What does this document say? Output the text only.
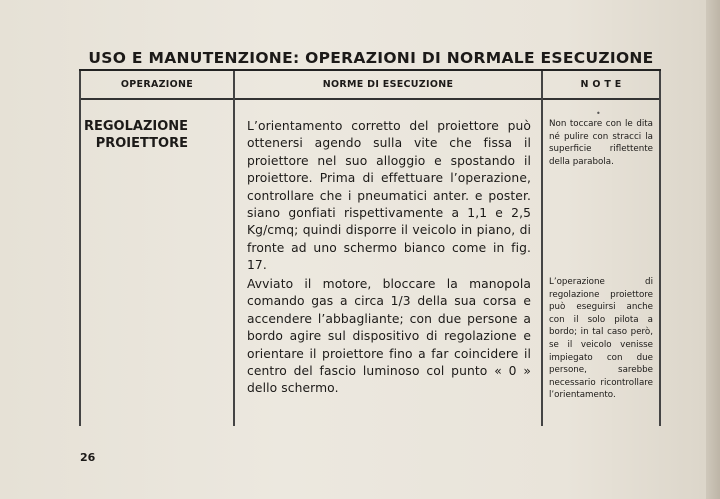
USO E MANUTENZIONE: OPERAZIONI DI NORMALE ESECUZIONE
OPERAZIONE	NORME DI ESECUZIONE	N O T E
REGOLAZIONE
PROIETTORE
L’orientamento corretto del proiettore può ottenersi agendo sulla vite che fissa il proiettore nel suo alloggio e spostando il proiettore. Prima di effettuare l’operazione, controllare che i pneumatici anter. e poster. siano gonfiati rispettivamente a 1,1 e 2,5 Kg/cmq; quindi disporre il veicolo in piano, di fronte ad uno schermo bianco come in fig. 17.
Avviato il motore, bloccare la manopola comando gas a circa 1/3 della sua corsa e accendere l’abbagliante; con due persone a bordo agire sul dispositivo di regolazione e orientare il proiettore fino a far coincidere il centro del fascio luminoso col punto « 0 » dello schermo.
•
Non toccare con le dita né pulire con stracci la superficie riflettente della parabola.
L’operazione di regolazione proiettore può eseguirsi anche con il solo pilota a bordo; in tal caso però, se il veicolo venisse impiegato con due persone, sarebbe necessario ricontrollare l’orientamento.
26
